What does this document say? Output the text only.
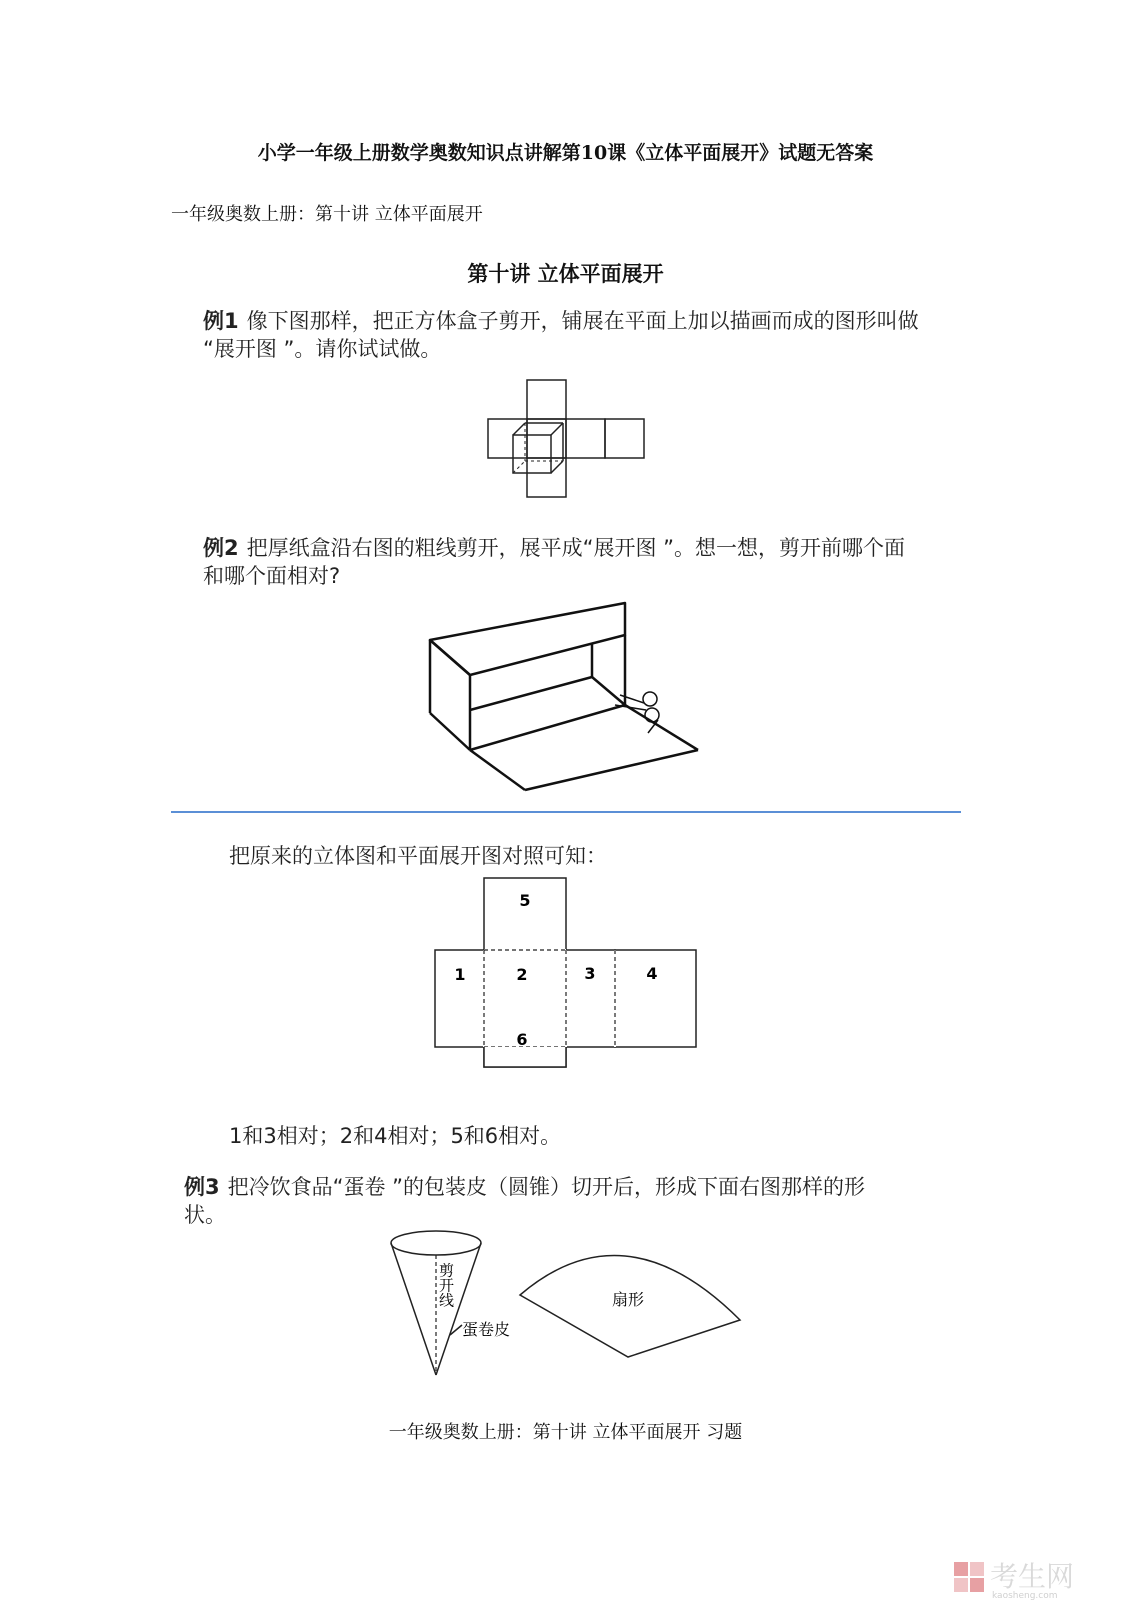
小学一年级上册数学奥数知识点讲解第10课《立体平面展开》试题无答案
一年级奥数上册：第十讲 立体平面展开
第十讲 立体平面展开
例1 像下图那样，把正方体盒子剪开，铺展在平面上加以描画而成的图形叫做
“展开图 ”。请你试试做。
例2 把厚纸盒沿右图的粗线剪开，展平成“展开图 ”。想一想，剪开前哪个面
和哪个面相对?
把原来的立体图和平面展开图对照可知：
5
1	2	3	4
6
1和3相对；2和4相对；5和6相对。
例3 把冷饮食品“蛋卷 ”的包装皮（圆锥）切开后，形成下面右图那样的形
状。
剪开线
蛋卷皮
扇形
一年级奥数上册：第十讲 立体平面展开 习题
考生网
kaosheng.com
